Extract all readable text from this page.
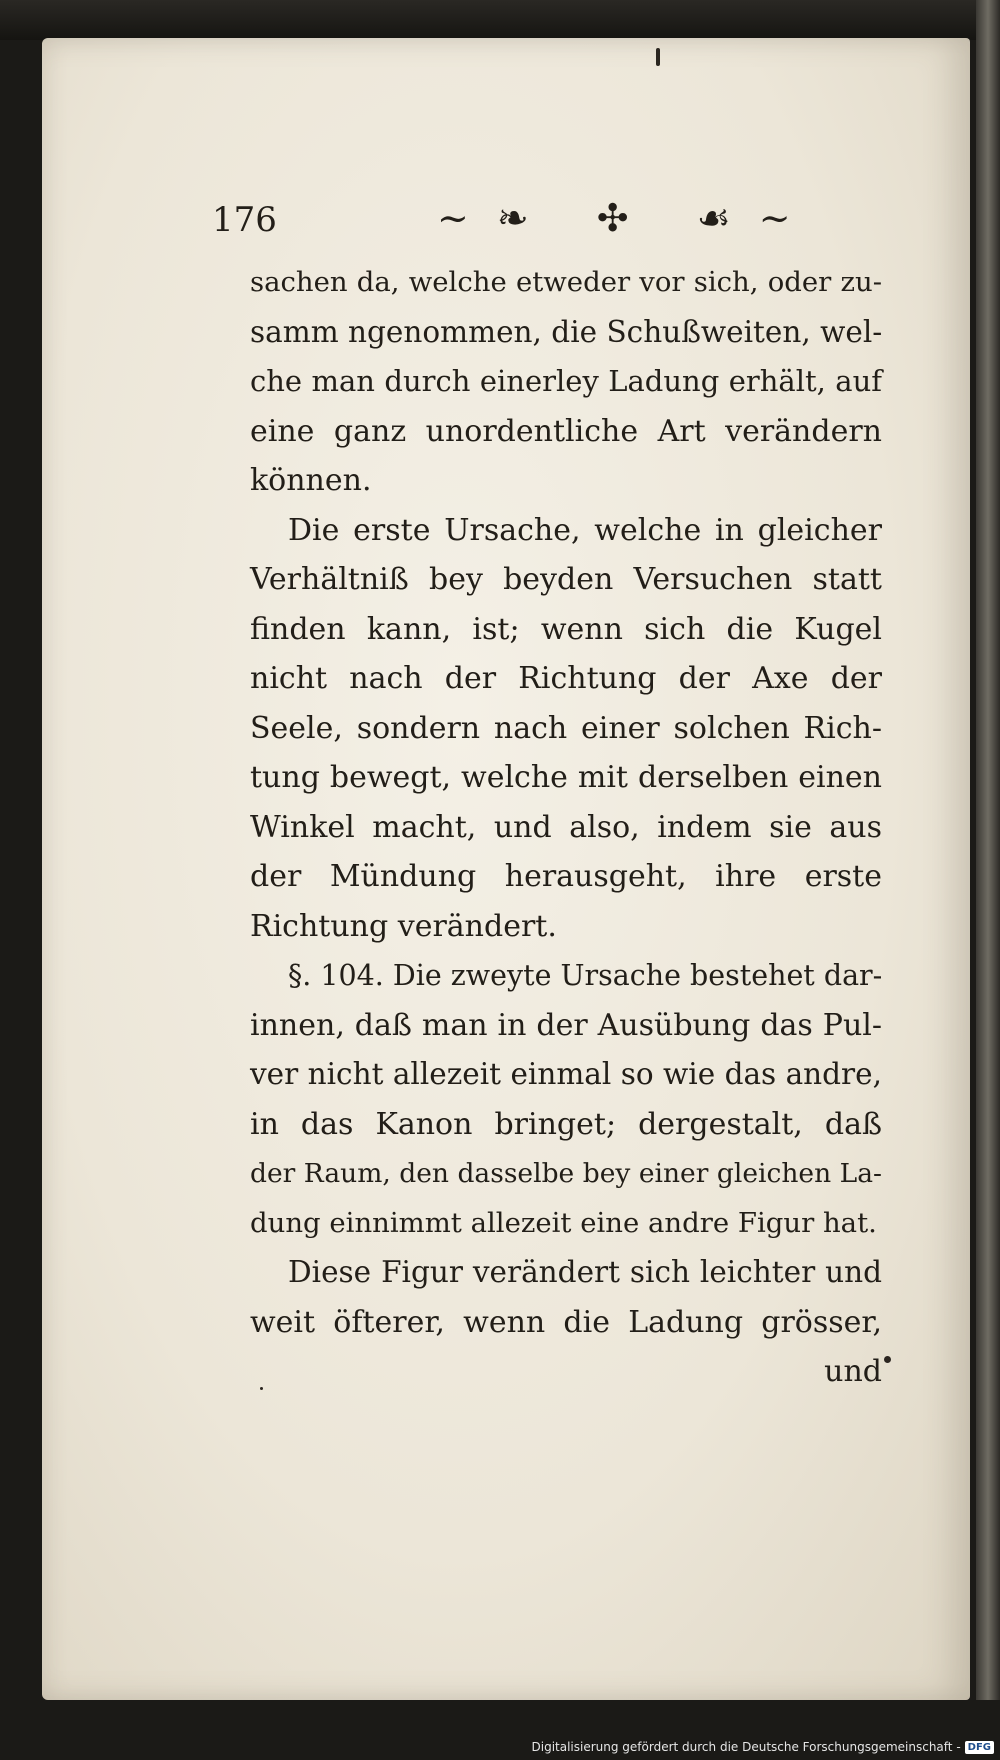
176	~❧ ✣ ☙~
sachen da, welche etweder vor sich, oder zu-
samm ngenommen, die Schußweiten, wel-
che man durch einerley Ladung erhält, auf
eine ganz unordentliche Art verändern
können.
Die erste Ursache, welche in gleicher
Verhältniß bey beyden Versuchen statt
finden kann, ist; wenn sich die Kugel
nicht nach der Richtung der Axe der
Seele, sondern nach einer solchen Rich-
tung bewegt, welche mit derselben einen
Winkel macht, und also, indem sie aus
der Mündung herausgeht, ihre erste
Richtung verändert.
§. 104. Die zweyte Ursache bestehet dar-
innen, daß man in der Ausübung das Pul-
ver nicht allezeit einmal so wie das andre,
in das Kanon bringet; dergestalt, daß
der Raum, den dasselbe bey einer gleichen La-
dung einnimmt allezeit eine andre Figur hat.
Diese Figur verändert sich leichter und
weit öfterer, wenn die Ladung grösser,
und
Digitalisierung gefördert durch die Deutsche Forschungsgemeinschaft - DFG
